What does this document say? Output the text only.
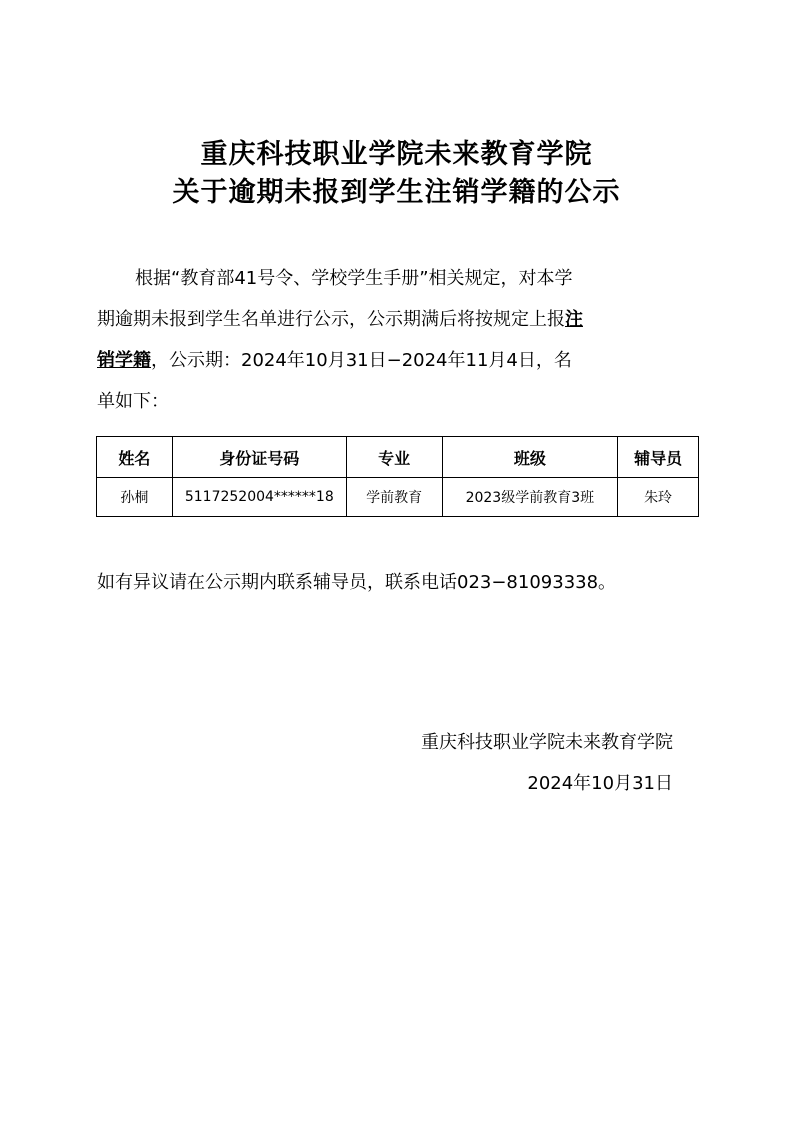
重庆科技职业学院未来教育学院
关于逾期未报到学生注销学籍的公示
根据“教育部41号令、学校学生手册”相关规定，对本学
期逾期未报到学生名单进行公示，公示期满后将按规定上报注
销学籍，公示期：2024年10月31日−2024年11月4日，名
单如下：
姓名	身份证号码	专业	班级	辅导员
孙桐	5117252004******18	学前教育	2023级学前教育3班	朱玲
如有异议请在公示期内联系辅导员，联系电话023−81093338。
重庆科技职业学院未来教育学院
2024年10月31日
